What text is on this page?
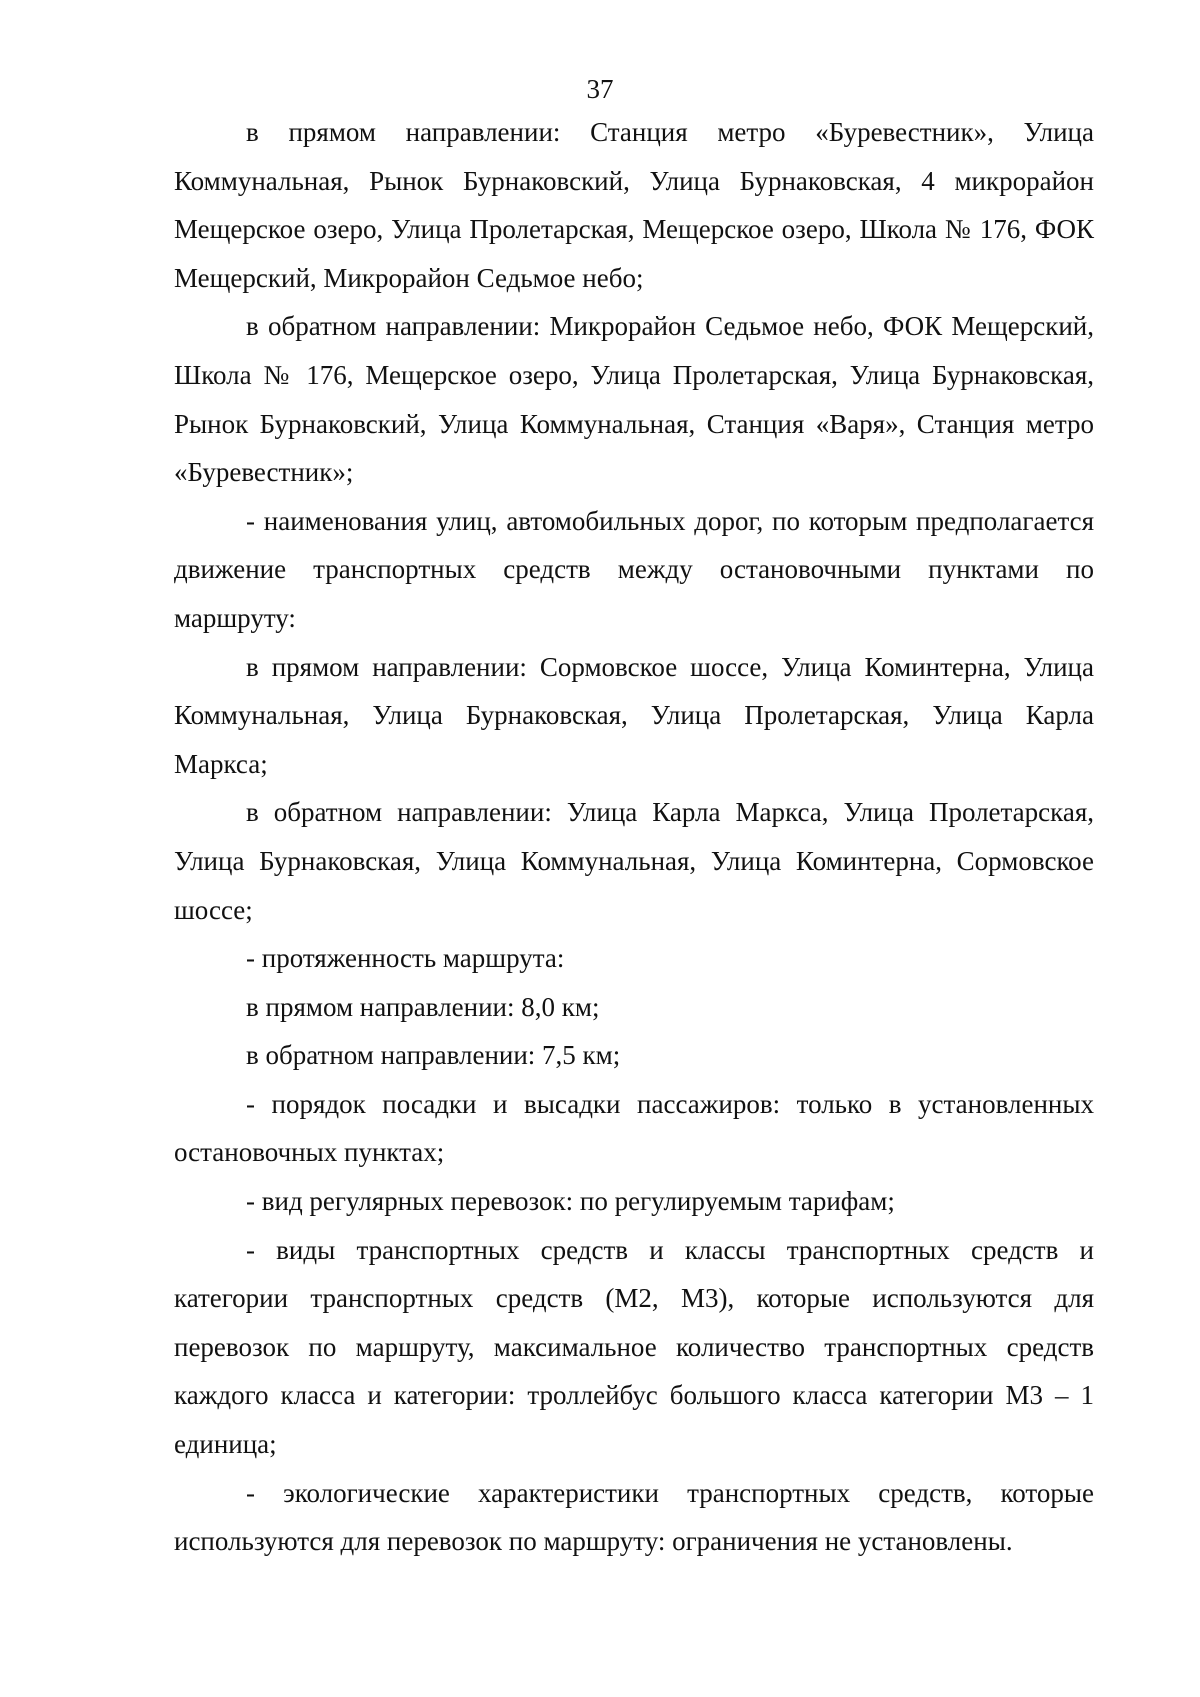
37

в прямом направлении: Станция метро «Буревестник», Улица Коммунальная, Рынок Бурнаковский, Улица Бурнаковская, 4 микрорайон Мещерское озеро, Улица Пролетарская, Мещерское озеро, Школа № 176, ФОК Мещерский, Микрорайон Седьмое небо;

в обратном направлении: Микрорайон Седьмое небо, ФОК Мещерский, Школа № 176, Мещерское озеро, Улица Пролетарская, Улица Бурнаковская, Рынок Бурнаковский, Улица Коммунальная, Станция «Варя», Станция метро «Буревестник»;

- наименования улиц, автомобильных дорог, по которым предполагается движение транспортных средств между остановочными пунктами по маршруту:

в прямом направлении: Сормовское шоссе, Улица Коминтерна, Улица Коммунальная, Улица Бурнаковская, Улица Пролетарская, Улица Карла Маркса;

в обратном направлении: Улица Карла Маркса, Улица Пролетарская, Улица Бурнаковская, Улица Коммунальная, Улица Коминтерна, Сормовское шоссе;

- протяженность маршрута:

в прямом направлении: 8,0 км;

в обратном направлении: 7,5 км;

- порядок посадки и высадки пассажиров: только в установленных остановочных пунктах;

- вид регулярных перевозок: по регулируемым тарифам;

- виды транспортных средств и классы транспортных средств и категории транспортных средств (М2, М3), которые используются для перевозок по маршруту, максимальное количество транспортных средств каждого класса и категории: троллейбус большого класса категории М3 – 1 единица;

- экологические характеристики транспортных средств, которые используются для перевозок по маршруту: ограничения не установлены.
